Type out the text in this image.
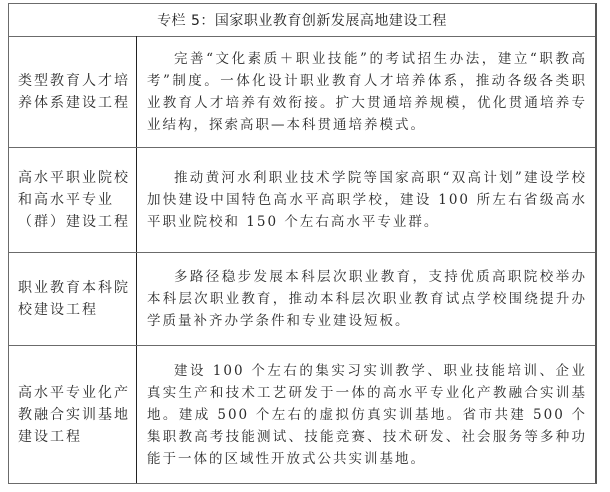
专栏 5：国家职业教育创新发展高地建设工程
类型教育人才培养体系建设工程

完善“文化素质＋职业技能”的考试招生办法，建立“职教高考”制度。一体化设计职业教育人才培养体系，推动各级各类职业教育人才培养有效衔接。扩大贯通培养规模，优化贯通培养专业结构，探索高职—本科贯通培养模式。

高水平职业院校和高水平专业（群）建设工程

推动黄河水利职业技术学院等国家高职“双高计划”建设学校加快建设中国特色高水平高职学校，建设 100 所左右省级高水平职业院校和 150 个左右高水平专业群。

职业教育本科院校建设工程

多路径稳步发展本科层次职业教育，支持优质高职院校举办本科层次职业教育，推动本科层次职业教育试点学校围绕提升办学质量补齐办学条件和专业建设短板。

高水平专业化产教融合实训基地建设工程

建设 100 个左右的集实习实训教学、职业技能培训、企业真实生产和技术工艺研发于一体的高水平专业化产教融合实训基地。建成 500 个左右的虚拟仿真实训基地。省市共建 500 个集职教高考技能测试、技能竞赛、技术研发、社会服务等多种功能于一体的区域性开放式公共实训基地。
